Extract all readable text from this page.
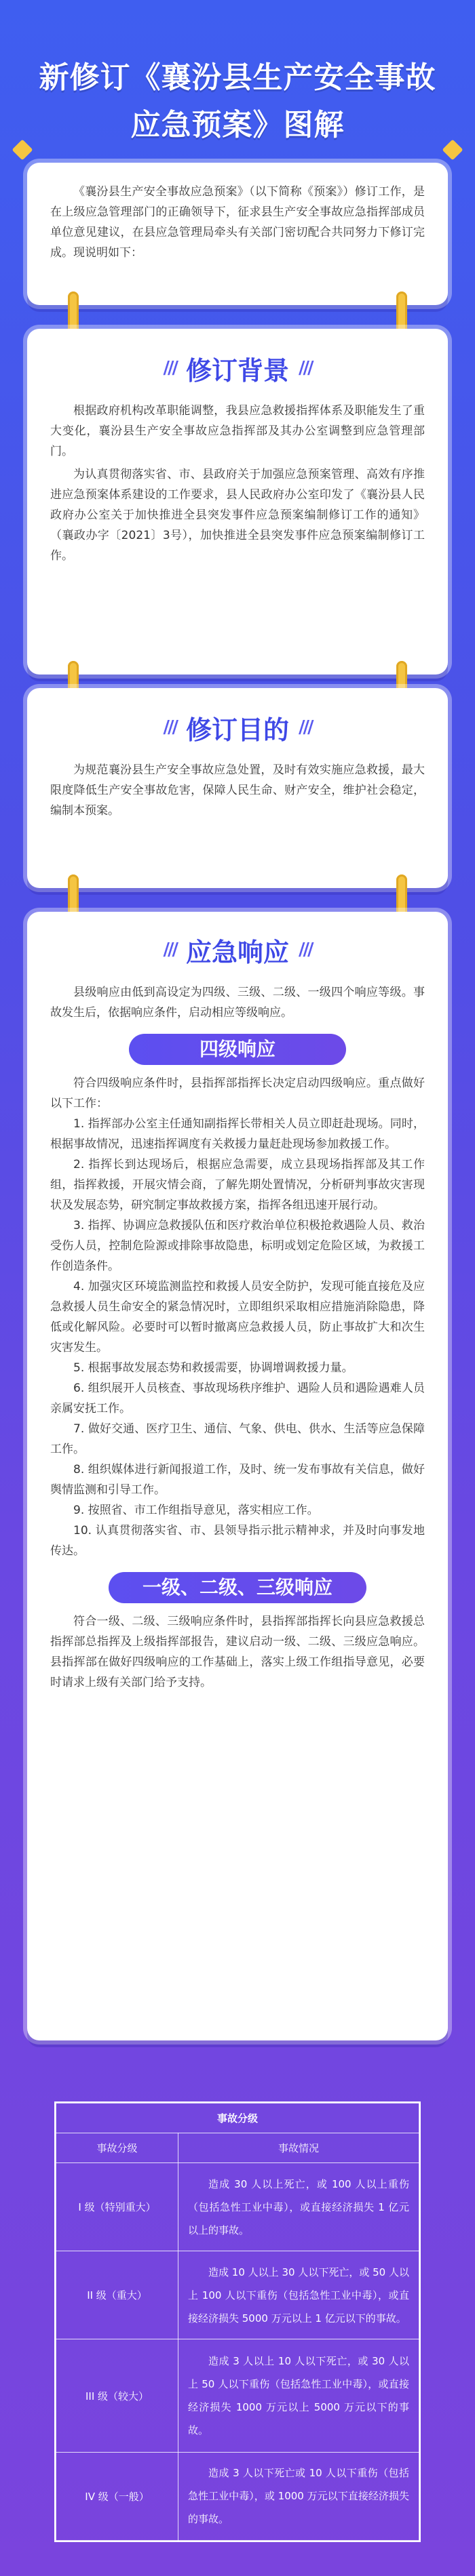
新修订《襄汾县生产安全事故
应急预案》图解

《襄汾县生产安全事故应急预案》（以下简称《预案》）修订工作，是在上级应急管理部门的正确领导下，征求县生产安全事故应急指挥部成员单位意见建议，在县应急管理局牵头有关部门密切配合共同努力下修订完成。现说明如下：

/// 修订背景 ///

根据政府机构改革职能调整，我县应急救援指挥体系及职能发生了重大变化，襄汾县生产安全事故应急指挥部及其办公室调整到应急管理部门。

为认真贯彻落实省、市、县政府关于加强应急预案管理、高效有序推进应急预案体系建设的工作要求，县人民政府办公室印发了《襄汾县人民政府办公室关于加快推进全县突发事件应急预案编制修订工作的通知》（襄政办字〔2021〕3号），加快推进全县突发事件应急预案编制修订工作。

/// 修订目的 ///

为规范襄汾县生产安全事故应急处置，及时有效实施应急救援，最大限度降低生产安全事故危害，保障人民生命、财产安全，维护社会稳定，编制本预案。

/// 应急响应 ///

县级响应由低到高设定为四级、三级、二级、一级四个响应等级。事故发生后，依据响应条件，启动相应等级响应。

四级响应

符合四级响应条件时，县指挥部指挥长决定启动四级响应。重点做好以下工作：

1. 指挥部办公室主任通知副指挥长带相关人员立即赶赴现场。同时，根据事故情况，迅速指挥调度有关救援力量赶赴现场参加救援工作。

2. 指挥长到达现场后，根据应急需要，成立县现场指挥部及其工作组，指挥救援，开展灾情会商，了解先期处置情况，分析研判事故灾害现状及发展态势，研究制定事故救援方案，指挥各组迅速开展行动。

3. 指挥、协调应急救援队伍和医疗救治单位积极抢救遇险人员、救治受伤人员，控制危险源或排除事故隐患，标明或划定危险区域，为救援工作创造条件。

4. 加强灾区环境监测监控和救援人员安全防护，发现可能直接危及应急救援人员生命安全的紧急情况时，立即组织采取相应措施消除隐患，降低或化解风险。必要时可以暂时撤离应急救援人员，防止事故扩大和次生灾害发生。

5. 根据事故发展态势和救援需要，协调增调救援力量。

6. 组织展开人员核查、事故现场秩序维护、遇险人员和遇险遇难人员亲属安抚工作。

7. 做好交通、医疗卫生、通信、气象、供电、供水、生活等应急保障工作。

8. 组织媒体进行新闻报道工作，及时、统一发布事故有关信息，做好舆情监测和引导工作。

9. 按照省、市工作组指导意见，落实相应工作。

10. 认真贯彻落实省、市、县领导指示批示精神求，并及时向事发地传达。

一级、二级、三级响应

符合一级、二级、三级响应条件时，县指挥部指挥长向县应急救援总指挥部总指挥及上级指挥部报告，建议启动一级、二级、三级应急响应。县指挥部在做好四级响应的工作基础上，落实上级工作组指导意见，必要时请求上级有关部门给予支持。

事故分级	
事故分级	事故情况
I 级（特别重大）	造成 30 人以上死亡，或 100 人以上重伤（包括急性工业中毒），或直接经济损失 1 亿元以上的事故。
II 级（重大）	造成 10 人以上 30 人以下死亡，或 50 人以上 100 人以下重伤（包括急性工业中毒），或直接经济损失 5000 万元以上 1 亿元以下的事故。
III 级（较大）	造成 3 人以上 10 人以下死亡，或 30 人以上 50 人以下重伤（包括急性工业中毒），或直接经济损失 1000 万元以上 5000 万元以下的事故。
IV 级（一般）	造成 3 人以下死亡或 10 人以下重伤（包括急性工业中毒），或 1000 万元以下直接经济损失的事故。
